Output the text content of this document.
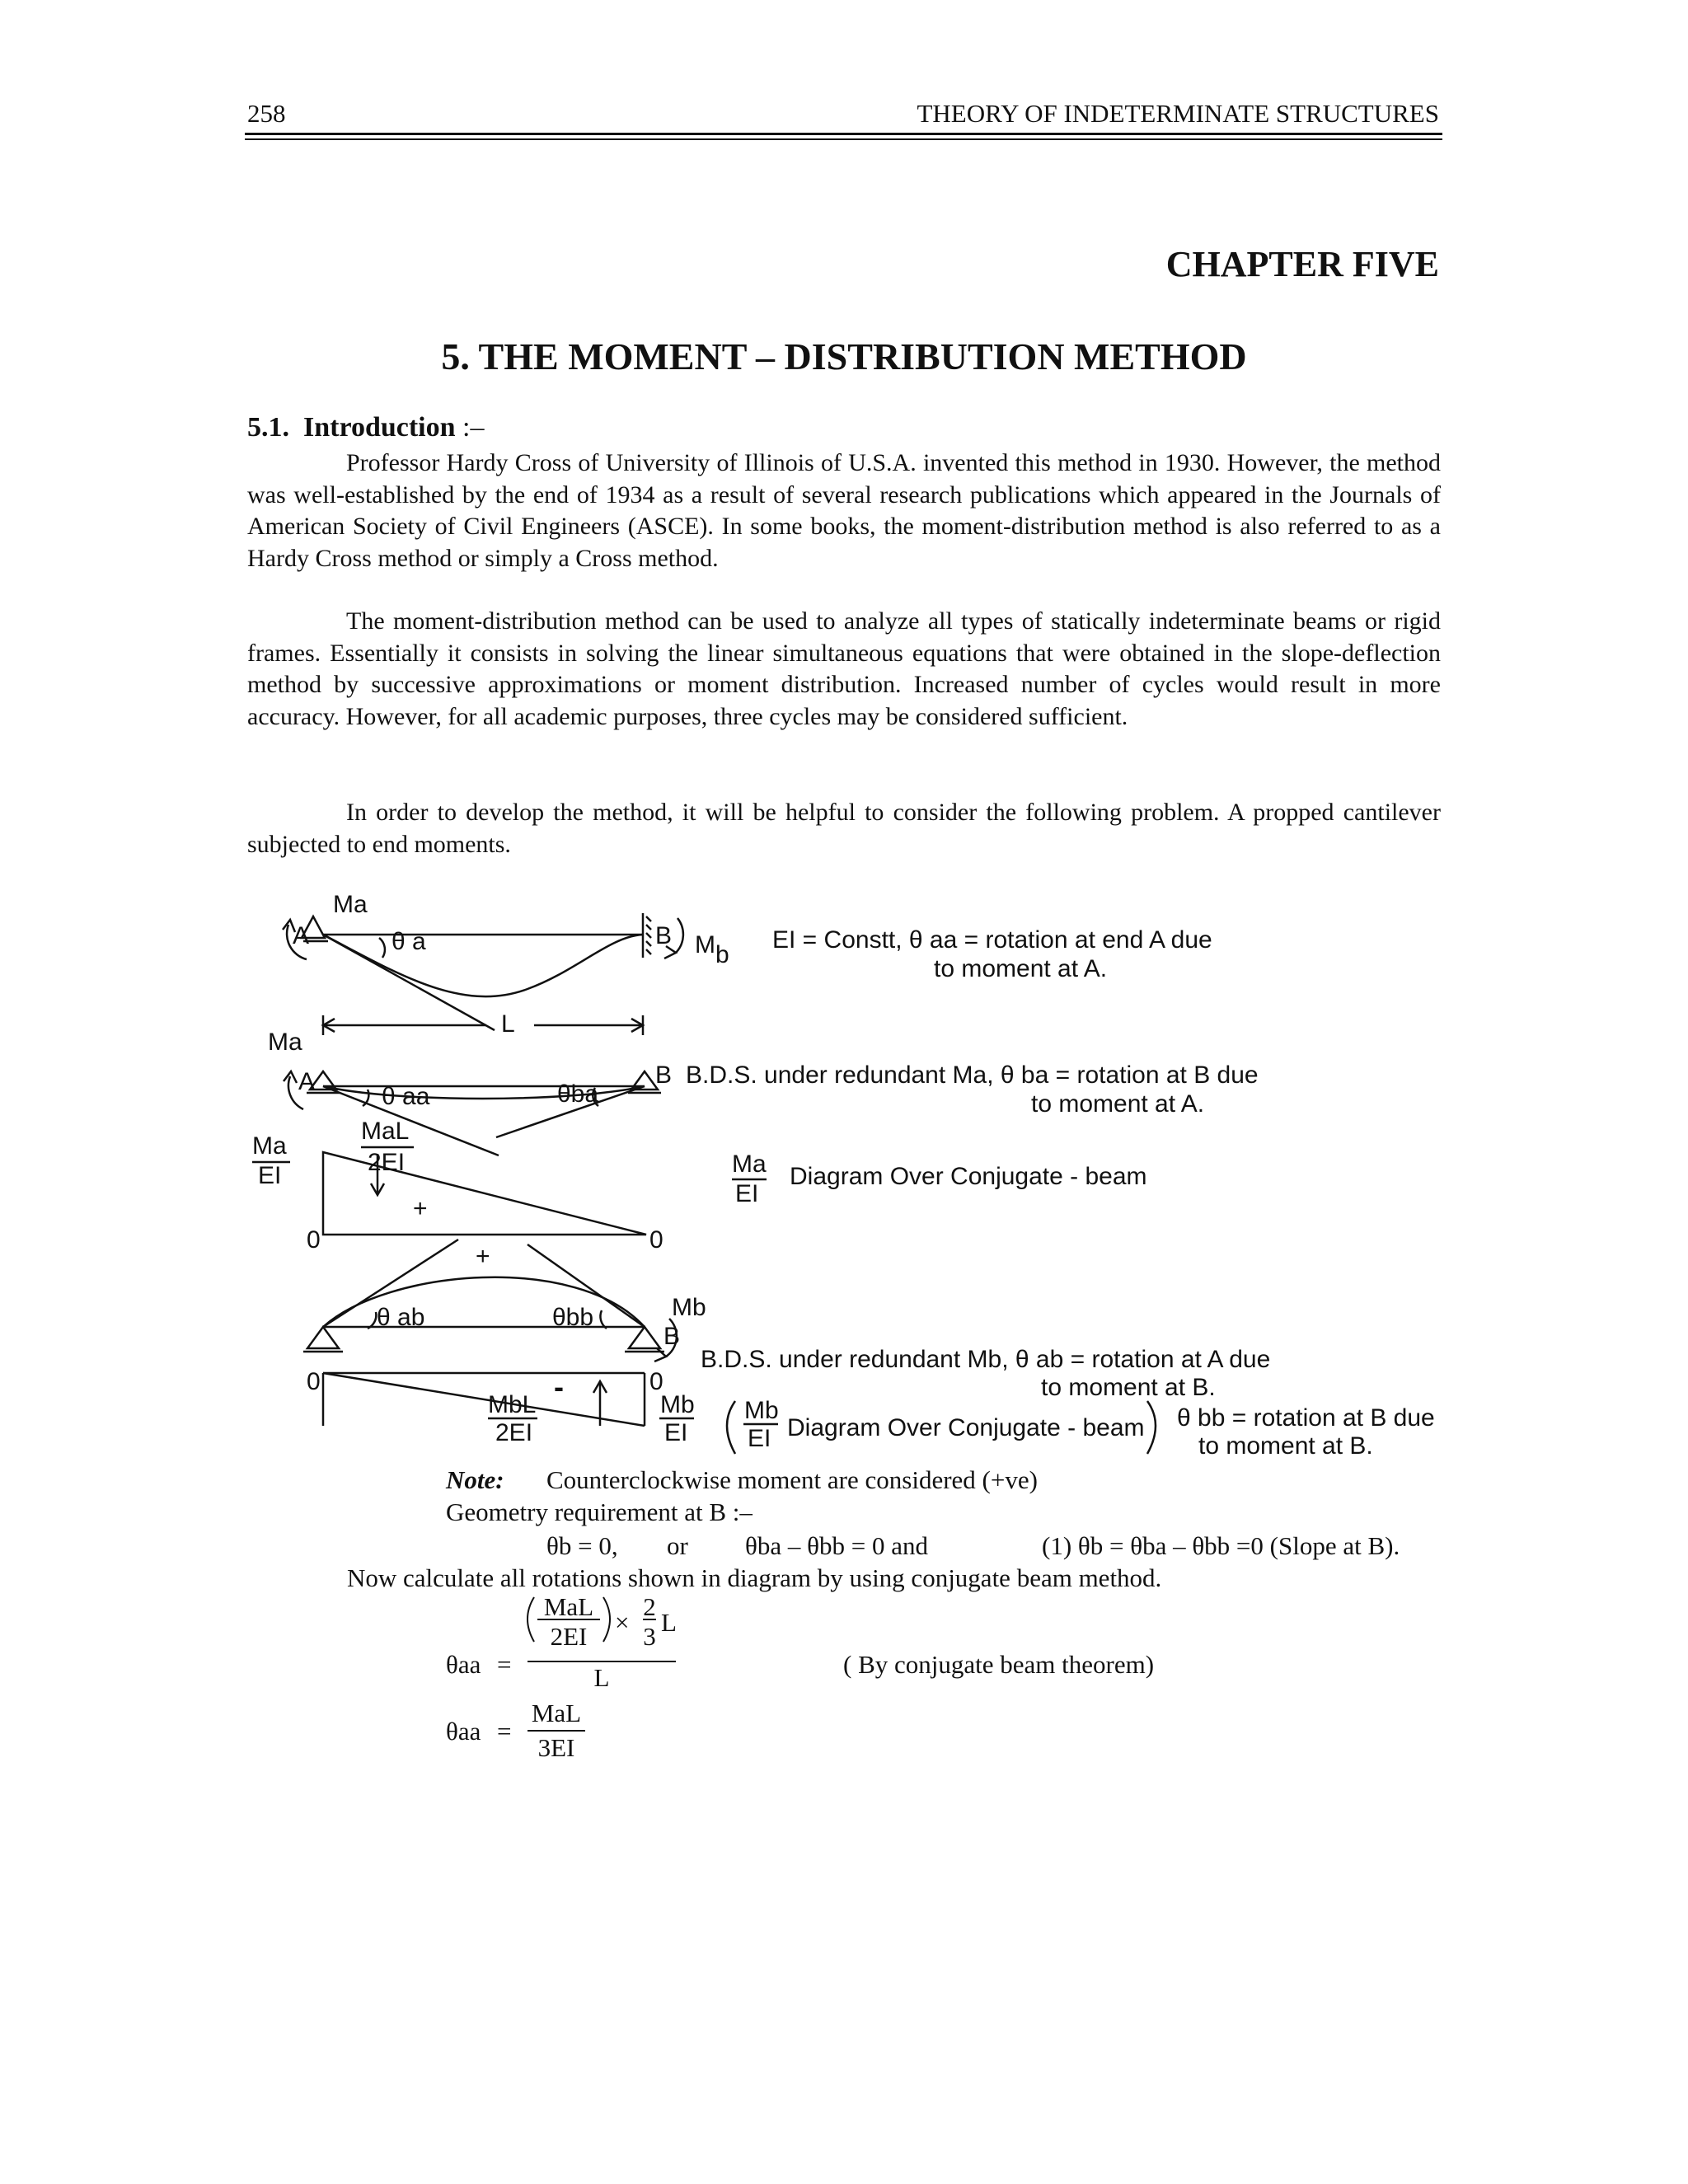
258	THEORY OF INDETERMINATE STRUCTURES
CHAPTER FIVE
5. THE MOMENT – DISTRIBUTION METHOD
5.1. Introduction :–

Professor Hardy Cross of University of Illinois of U.S.A. invented this method in 1930. However, the method was well-established by the end of 1934 as a result of several research publications which appeared in the Journals of American Society of Civil Engineers (ASCE). In some books, the moment-distribution method is also referred to as a Hardy Cross method or simply a Cross method.

The moment-distribution method can be used to analyze all types of statically indeterminate beams or rigid frames. Essentially it consists in solving the linear simultaneous equations that were obtained in the slope-deflection method by successive approximations or moment distribution. Increased number of cycles would result in more accuracy. However, for all academic purposes, three cycles may be considered sufficient.

In order to develop the method, it will be helpful to consider the following problem. A propped cantilever subjected to end moments.

Ma
A	θ a	B Mb
L
EI = Constt, θ aa = rotation at end A due
to moment at A.
Ma
A
θ aa	θba
B B.D.S. under redundant Ma, θ ba = rotation at B due
to moment at A.
Ma
EI
MaL
2EI
+
0	0
Ma
EI
Diagram Over Conjugate - beam
+
θ ab	θbb	Mb
B
B.D.S. under redundant Mb, θ ab = rotation at A due
to moment at B.
0	0
-
MbL
2EI
Mb
EI
Mb
EI Diagram Over Conjugate - beam θ bb = rotation at B due
to moment at B.
Note: Counterclockwise moment are considered (+ve)
Geometry requirement at B :–
θb = 0, or θba – θbb = 0 and	(1) θb = θba – θbb =0 (Slope at B).
Now calculate all rotations shown in diagram by using conjugate beam method.
θaa =
MaL
2EI	×
2
3 L
L	( By conjugate beam theorem)
θaa =
MaL
3EI
